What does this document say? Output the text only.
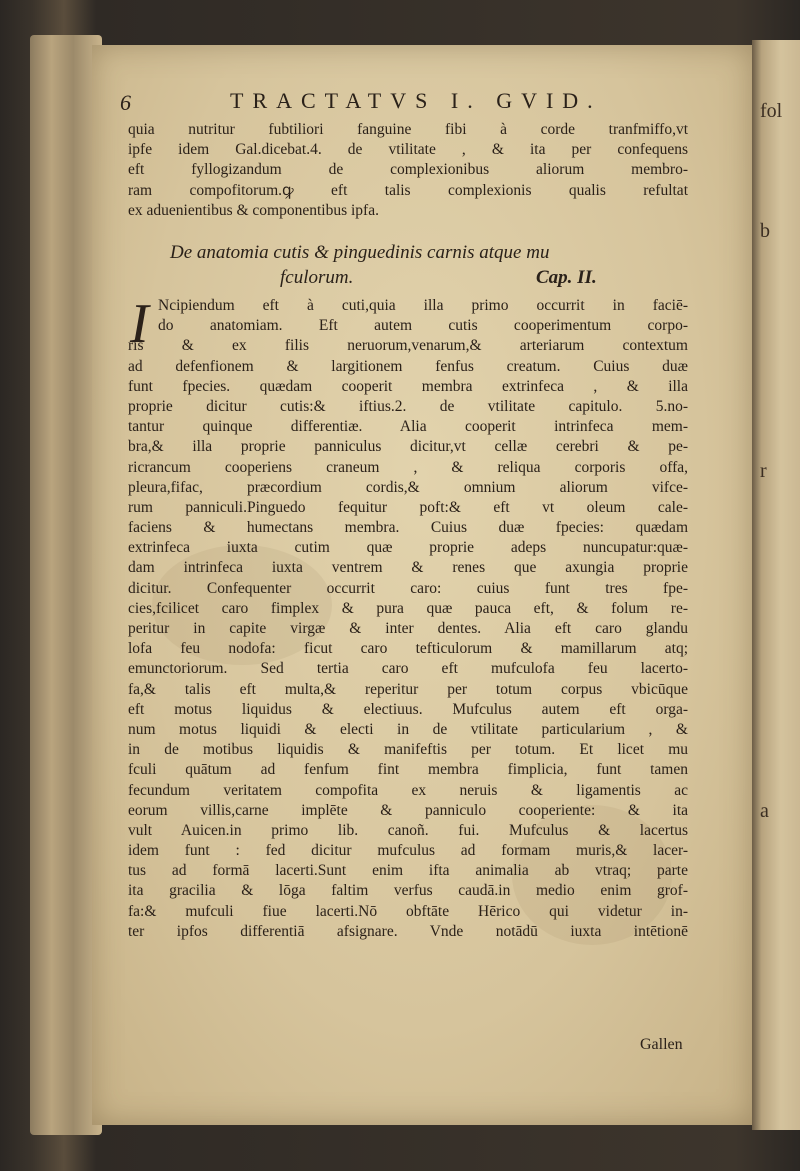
fol
b
r
a
6	TRACTATVS I. GVID.
quia nutritur fubtiliori fanguine fibi à corde tranfmiffo,vt
ipfe idem Gal.dicebat.4. de vtilitate , & ita per confequens
eft fyllogizandum de complexionibus aliorum membro-
ram compofitorum.ꝙ eft talis complexionis qualis refultat
ex aduenientibus & componentibus ipfa.
De anatomia cutis & pinguedinis carnis atque mu
fculorum.	Cap. II.
I Ncipiendum eft à cuti,quia illa primo occurrit in faciē-
do anatomiam. Eft autem cutis cooperimentum corpo-
ris & ex filis neruorum,venarum,& arteriarum contextum
ad defenfionem & largitionem fenfus creatum. Cuius duæ
funt fpecies. quædam cooperit membra extrinfeca , & illa
proprie dicitur cutis:& iftius.2. de vtilitate capitulo. 5.no-
tantur quinque differentiæ. Alia cooperit intrinfeca mem-
bra,& illa proprie panniculus dicitur,vt cellæ cerebri & pe-
ricrancum cooperiens craneum , & reliqua corporis offa,
pleura,fifac, præcordium cordis,& omnium aliorum vifce-
rum panniculi.Pinguedo fequitur poft:& eft vt oleum cale-
faciens & humectans membra. Cuius duæ fpecies: quædam
extrinfeca iuxta cutim quæ proprie adeps nuncupatur:quæ-
dam intrinfeca iuxta ventrem & renes que axungia proprie
dicitur. Confequenter occurrit caro: cuius funt tres fpe-
cies,fcilicet caro fimplex & pura quæ pauca eft, & folum re-
peritur in capite virgæ & inter dentes. Alia eft caro glandu
lofa feu nodofa: ficut caro tefticulorum & mamillarum atq;
emunctoriorum. Sed tertia caro eft mufculofa feu lacerto-
fa,& talis eft multa,& reperitur per totum corpus vbicūque
eft motus liquidus & electiuus. Mufculus autem eft orga-
num motus liquidi & electi in de vtilitate particularium , &
in de motibus liquidis & manifeftis per totum. Et licet mu
fculi quātum ad fenfum fint membra fimplicia, funt tamen
fecundum veritatem compofita ex neruis & ligamentis ac
eorum villis,carne implēte & panniculo cooperiente: & ita
vult Auicen.in primo lib. canoñ. fui. Mufculus & lacertus
idem funt : fed dicitur mufculus ad formam muris,& lacer-
tus ad formā lacerti.Sunt enim ifta animalia ab vtraq; parte
ita gracilia & lōga faltim verfus caudā.in medio enim grof-
fa:& mufculi fiue lacerti.Nō obftāte Hērico qui videtur in-
ter ipfos differentiā afsignare. Vnde notādū iuxta intētionē
Gallen
